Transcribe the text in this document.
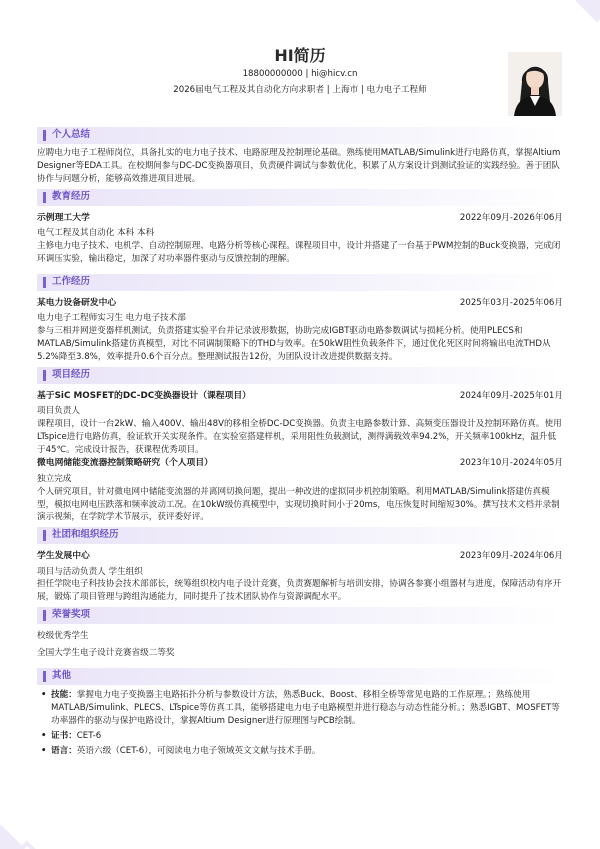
HI简历
18800000000 | hi@hicv.cn
2026届电气工程及其自动化方向求职者 | 上海市 | 电力电子工程师
个人总结
应聘电力电子工程师岗位，具备扎实的电力电子技术、电路原理及控制理论基础。熟练使用MATLAB/Simulink进行电路仿真，掌握Altium Designer等EDA工具。在校期间参与DC-DC变换器项目，负责硬件调试与参数优化，积累了从方案设计到测试验证的实践经验。善于团队协作与问题分析，能够高效推进项目进展。
教育经历
示例理工大学	2022年09月-2026年06月
电气工程及其自动化 本科 本科
主修电力电子技术、电机学、自动控制原理、电路分析等核心课程。课程项目中，设计并搭建了一台基于PWM控制的Buck变换器，完成闭环调压实验，输出稳定，加深了对功率器件驱动与反馈控制的理解。
工作经历
某电力设备研发中心	2025年03月-2025年06月
电力电子工程师实习生 电力电子技术部
参与三相并网逆变器样机测试，负责搭建实验平台并记录波形数据，协助完成IGBT驱动电路参数调试与损耗分析。使用PLECS和MATLAB/Simulink搭建仿真模型，对比不同调制策略下的THD与效率。在50kW阻性负载条件下，通过优化死区时间将输出电流THD从5.2%降至3.8%，效率提升0.6个百分点。整理测试报告12份，为团队设计改进提供数据支持。
项目经历
基于SiC MOSFET的DC-DC变换器设计（课程项目）	2024年09月-2025年01月
项目负责人
课程项目，设计一台2kW、输入400V、输出48V的移相全桥DC-DC变换器。负责主电路参数计算、高频变压器设计及控制环路仿真。使用LTspice进行电路仿真，验证软开关实现条件。在实验室搭建样机，采用阻性负载测试，测得满载效率94.2%，开关频率100kHz，温升低于45℃。完成设计报告，获课程优秀项目。
微电网储能变流器控制策略研究（个人项目）	2023年10月-2024年05月
独立完成
个人研究项目，针对微电网中储能变流器的并离网切换问题，提出一种改进的虚拟同步机控制策略。利用MATLAB/Simulink搭建仿真模型，模拟电网电压跌落和频率波动工况。在10kW级仿真模型中，实现切换时间小于20ms，电压恢复时间缩短30%。撰写技术文档并录制演示视频，在学院学术节展示，获评委好评。
社团和组织经历
学生发展中心	2023年09月-2024年06月
项目与活动负责人 学生组织
担任学院电子科技协会技术部部长，统筹组织校内电子设计竞赛，负责赛题解析与培训安排，协调各参赛小组器材与进度，保障活动有序开展，锻炼了项目管理与跨组沟通能力，同时提升了技术团队协作与资源调配水平。
荣誉奖项
校级优秀学生
全国大学生电子设计竞赛省级二等奖
其他
• 技能：掌握电力电子变换器主电路拓扑分析与参数设计方法，熟悉Buck、Boost、移相全桥等常见电路的工作原理。；熟练使用MATLAB/Simulink、PLECS、LTspice等仿真工具，能够搭建电力电子电路模型并进行稳态与动态性能分析。；熟悉IGBT、MOSFET等功率器件的驱动与保护电路设计，掌握Altium Designer进行原理图与PCB绘制。
• 证书：CET-6
• 语言：英语六级（CET-6），可阅读电力电子领域英文文献与技术手册。
